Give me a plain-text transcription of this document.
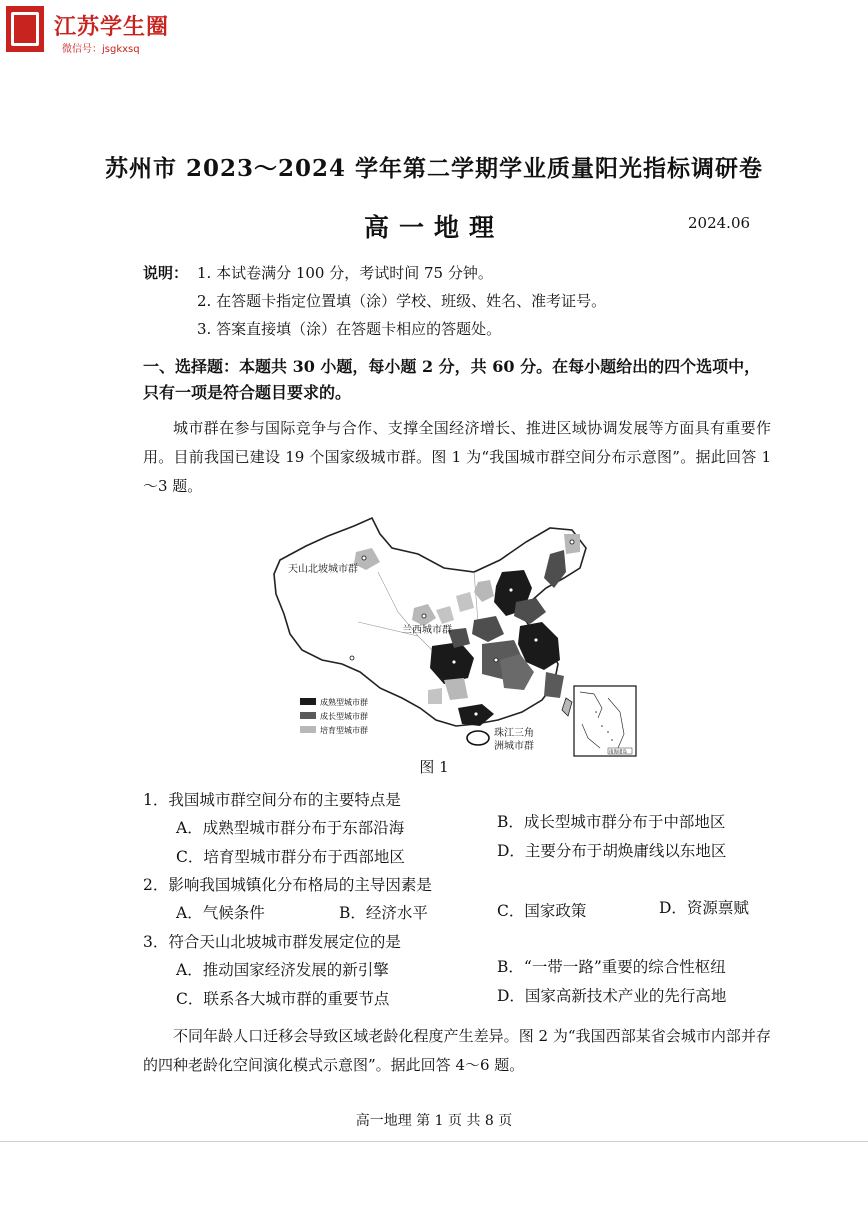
江苏学生圈
微信号：jsgkxsq
苏州市 2023～2024 学年第二学期学业质量阳光指标调研卷
高一地理	2024.06
说明： 1. 本试卷满分 100 分，考试时间 75 分钟。
2. 在答题卡指定位置填（涂）学校、班级、姓名、准考证号。
3. 答案直接填（涂）在答题卡相应的答题处。
一、选择题：本题共 30 小题，每小题 2 分，共 60 分。在每小题给出的四个选项中，只有一项是符合题目要求的。
城市群在参与国际竞争与合作、支撑全国经济增长、推进区域协调发展等方面具有重要作用。目前我国已建设 19 个国家级城市群。图 1 为“我国城市群空间分布示意图”。据此回答 1～3 题。
天山北坡城市群
兰西城市群
珠江三角
洲城市群
成熟型城市群
成长型城市群
培育型城市群
南海诸岛
图 1
1．我国城市群空间分布的主要特点是
A．成熟型城市群分布于东部沿海	B．成长型城市群分布于中部地区
C．培育型城市群分布于西部地区	D．主要分布于胡焕庸线以东地区
2．影响我国城镇化分布格局的主导因素是
A．气候条件	B．经济水平	C．国家政策	D．资源禀赋
3．符合天山北坡城市群发展定位的是
A．推动国家经济发展的新引擎	B．“一带一路”重要的综合性枢纽
C．联系各大城市群的重要节点	D．国家高新技术产业的先行高地
不同年龄人口迁移会导致区域老龄化程度产生差异。图 2 为“我国西部某省会城市内部并存的四种老龄化空间演化模式示意图”。据此回答 4～6 题。
高一地理 第 1 页 共 8 页
